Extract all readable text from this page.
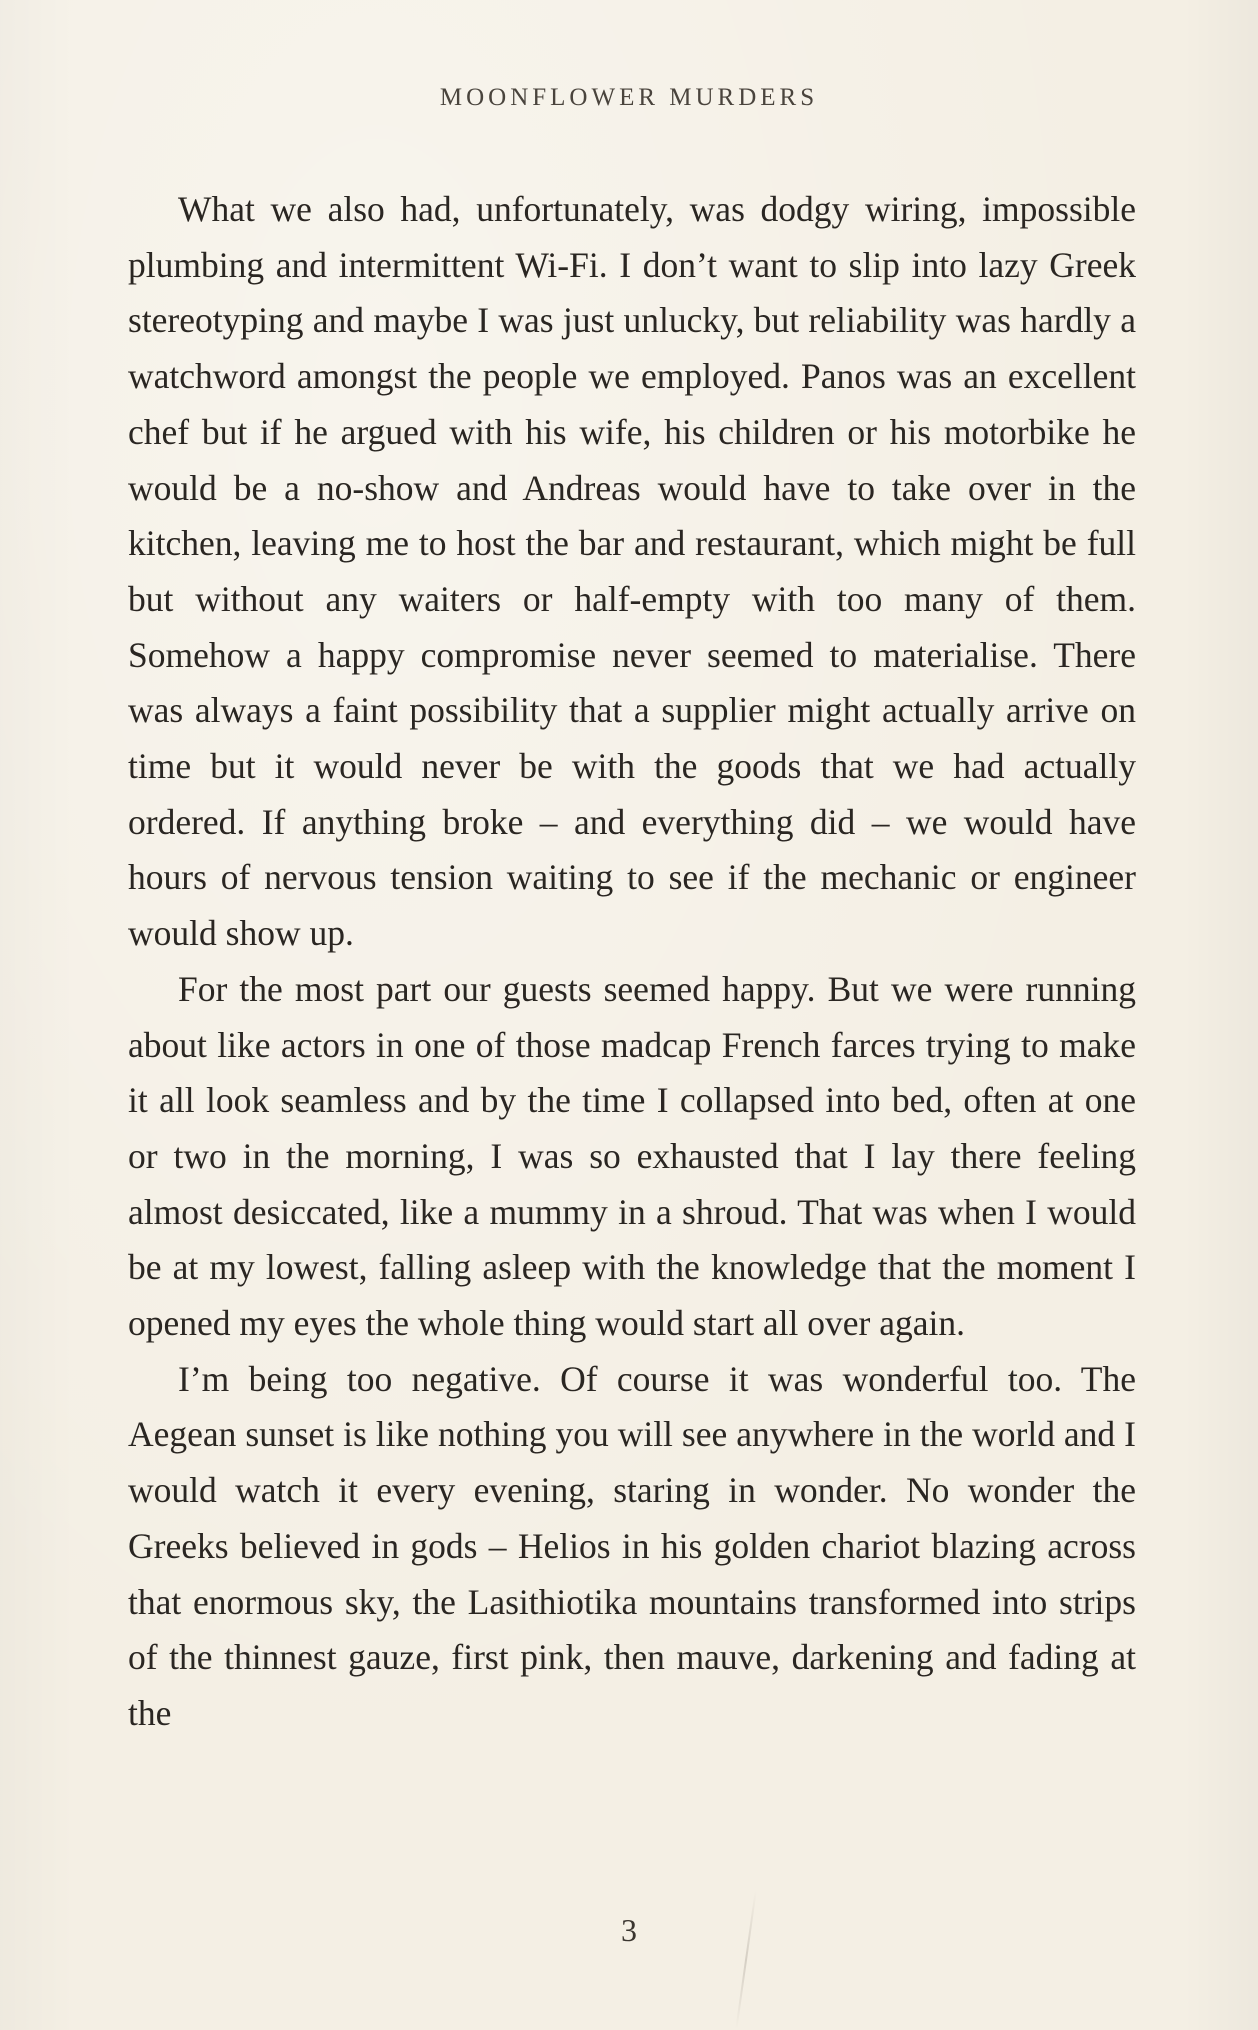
MOONFLOWER MURDERS

What we also had, unfortunately, was dodgy wiring, impossible plumbing and intermittent Wi-Fi. I don’t want to slip into lazy Greek stereotyping and maybe I was just unlucky, but reliability was hardly a watchword amongst the people we employed. Panos was an excellent chef but if he argued with his wife, his children or his motorbike he would be a no-show and Andreas would have to take over in the kitchen, leaving me to host the bar and restaurant, which might be full but without any waiters or half-empty with too many of them. Somehow a happy compromise never seemed to materialise. There was always a faint possibility that a supplier might actually arrive on time but it would never be with the goods that we had actually ordered. If anything broke – and everything did – we would have hours of nervous tension waiting to see if the mechanic or engineer would show up.

For the most part our guests seemed happy. But we were running about like actors in one of those madcap French farces trying to make it all look seamless and by the time I collapsed into bed, often at one or two in the morning, I was so exhausted that I lay there feeling almost desiccated, like a mummy in a shroud. That was when I would be at my lowest, falling asleep with the knowledge that the moment I opened my eyes the whole thing would start all over again.

I’m being too negative. Of course it was wonderful too. The Aegean sunset is like nothing you will see anywhere in the world and I would watch it every evening, staring in wonder. No wonder the Greeks believed in gods – Helios in his golden chariot blazing across that enormous sky, the Lasithiotika mountains transformed into strips of the thinnest gauze, first pink, then mauve, darkening and fading at the

3
